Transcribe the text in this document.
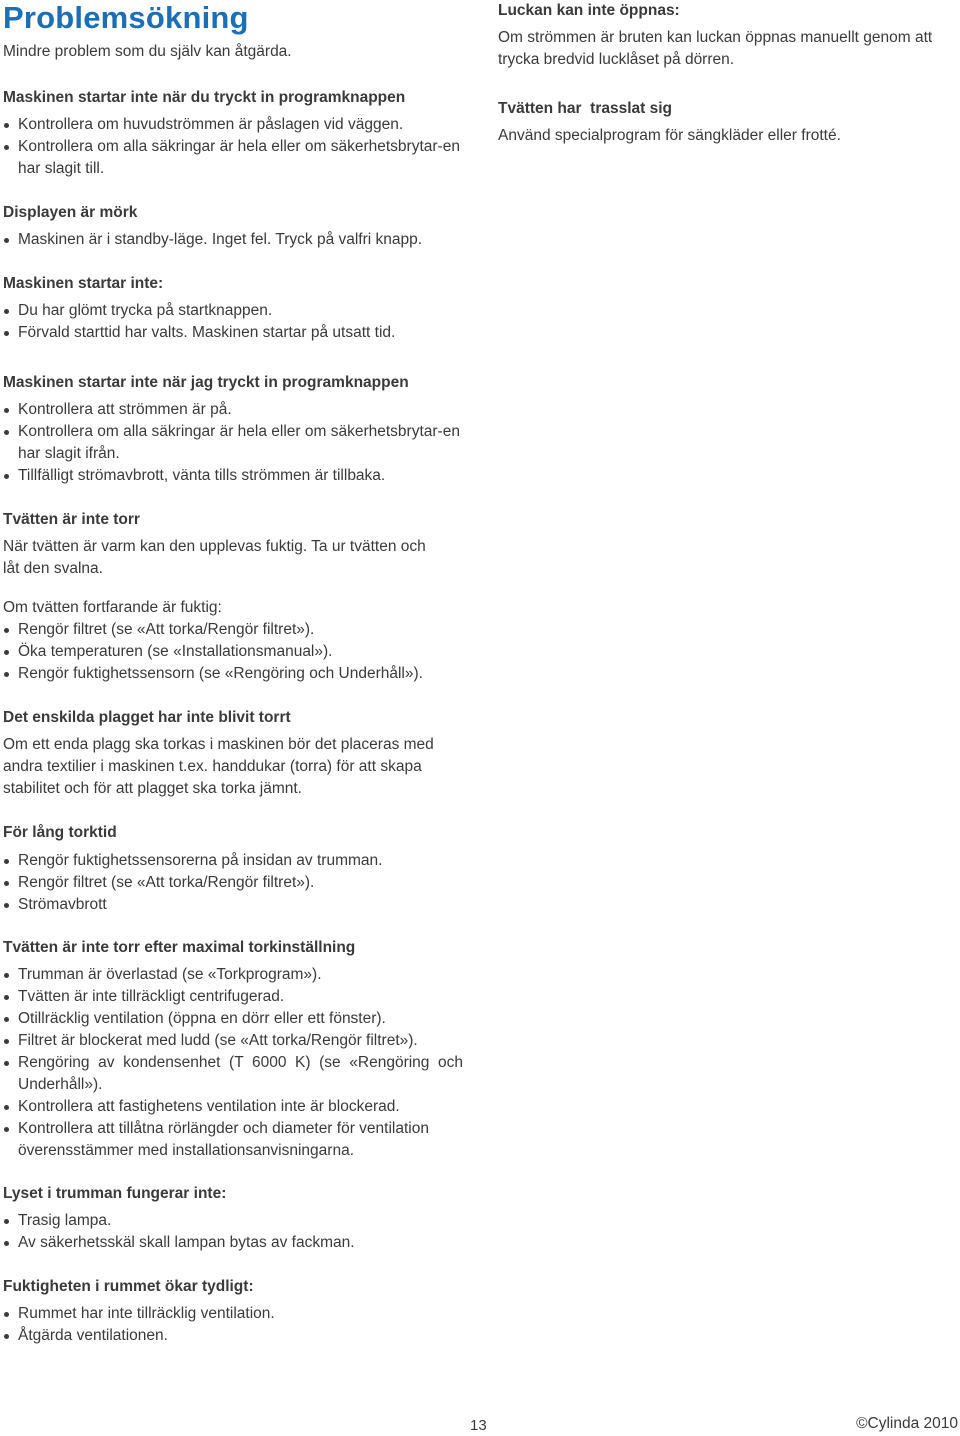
Problemsökning

Mindre problem som du själv kan åtgärda.

Maskinen startar inte när du tryckt in programknappen
Kontrollera om huvudströmmen är påslagen vid väggen.
Kontrollera om alla säkringar är hela eller om säkerhetsbrytar-​en har slagit till.
Displayen är mörk
Maskinen är i standby-läge. Inget fel. Tryck på valfri knapp.
Maskinen startar inte:
Du har glömt trycka på startknappen.
Förvald starttid har valts. Maskinen startar på utsatt tid.
Maskinen startar inte när jag tryckt in programknappen
Kontrollera att strömmen är på.
Kontrollera om alla säkringar är hela eller om säkerhetsbrytar-​en har slagit ifrån.
Tillfälligt strömavbrott, vänta tills strömmen är tillbaka.
Tvätten är inte torr

När tvätten är varm kan den upplevas fuktig. Ta ur tvätten och låt den svalna.

Om tvätten fortfarande är fuktig:

Rengör filtret (se «Att torka/Rengör filtret»).
Öka temperaturen (se «Installationsmanual»).
Rengör fuktighetssensorn (se «Rengöring och Underhåll»).
Det enskilda plagget har inte blivit torrt

Om ett enda plagg ska torkas i maskinen bör det placeras med andra textilier i maskinen t.ex. handdukar (torra) för att skapa stabilitet och för att plagget ska torka jämnt.

För lång torktid
Rengör fuktighetssensorerna på insidan av trumman.
Rengör filtret (se «Att torka/Rengör filtret»).
Strömavbrott
Tvätten är inte torr efter maximal torkinställning
Trumman är överlastad (se «Torkprogram»).
Tvätten är inte tillräckligt centrifugerad.
Otillräcklig ventilation (öppna en dörr eller ett fönster).
Filtret är blockerat med ludd (se «Att torka/Rengör filtret»).
Rengöring av kondensenhet (T 6000 K) (se «Rengöring och Underhåll»).
Kontrollera att fastighetens ventilation inte är blockerad.
Kontrollera att tillåtna rörlängder och diameter för ventilation överensstämmer med installationsanvisningarna.
Lyset i trumman fungerar inte:
Trasig lampa.
Av säkerhetsskäl skall lampan bytas av fackman.
Fuktigheten i rummet ökar tydligt:
Rummet har inte tillräcklig ventilation.
Åtgärda ventilationen.
Luckan kan inte öppnas:

Om strömmen är bruten kan luckan öppnas manuellt genom att trycka bredvid lucklåset på dörren.

Tvätten har  trasslat sig

Använd specialprogram för sängkläder eller frotté.

13	©Cylinda 2010
